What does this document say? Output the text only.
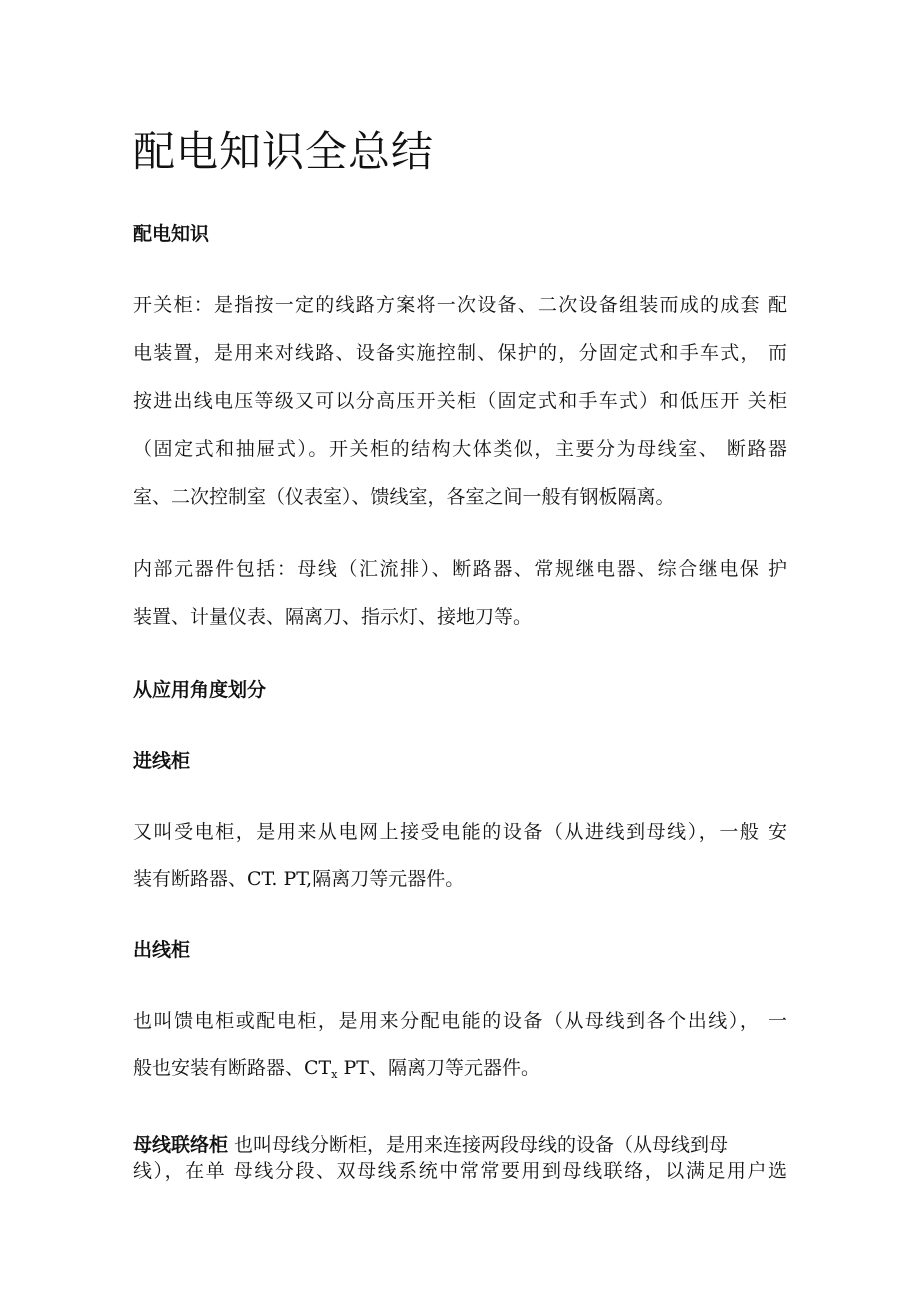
配电知识全总结
配电知识
开关柜：是指按一定的线路方案将一次设备、二次设备组装而成的成套 配
电装置，是用来对线路、设备实施控制、保护的，分固定式和手车式， 而
按进出线电压等级又可以分高压开关柜（固定式和手车式）和低压开 关柜
（固定式和抽屉式）。开关柜的结构大体类似，主要分为母线室、 断路器
室、二次控制室（仪表室）、馈线室，各室之间一般有钢板隔离。
内部元器件包括：母线（汇流排）、断路器、常规继电器、综合继电保 护
装置、计量仪表、隔离刀、指示灯、接地刀等。
从应用角度划分
进线柜
又叫受电柜，是用来从电网上接受电能的设备（从进线到母线），一般 安
装有断路器、CT. PT,隔离刀等元器件。
出线柜
也叫馈电柜或配电柜，是用来分配电能的设备（从母线到各个出线）， 一
般也安装有断路器、$CT_x$ PT、隔离刀等元器件。
母线联络柜 也叫母线分断柜，是用来连接两段母线的设备（从母线到母
线），在单 母线分段、双母线系统中常常要用到母线联络，以满足用户选
